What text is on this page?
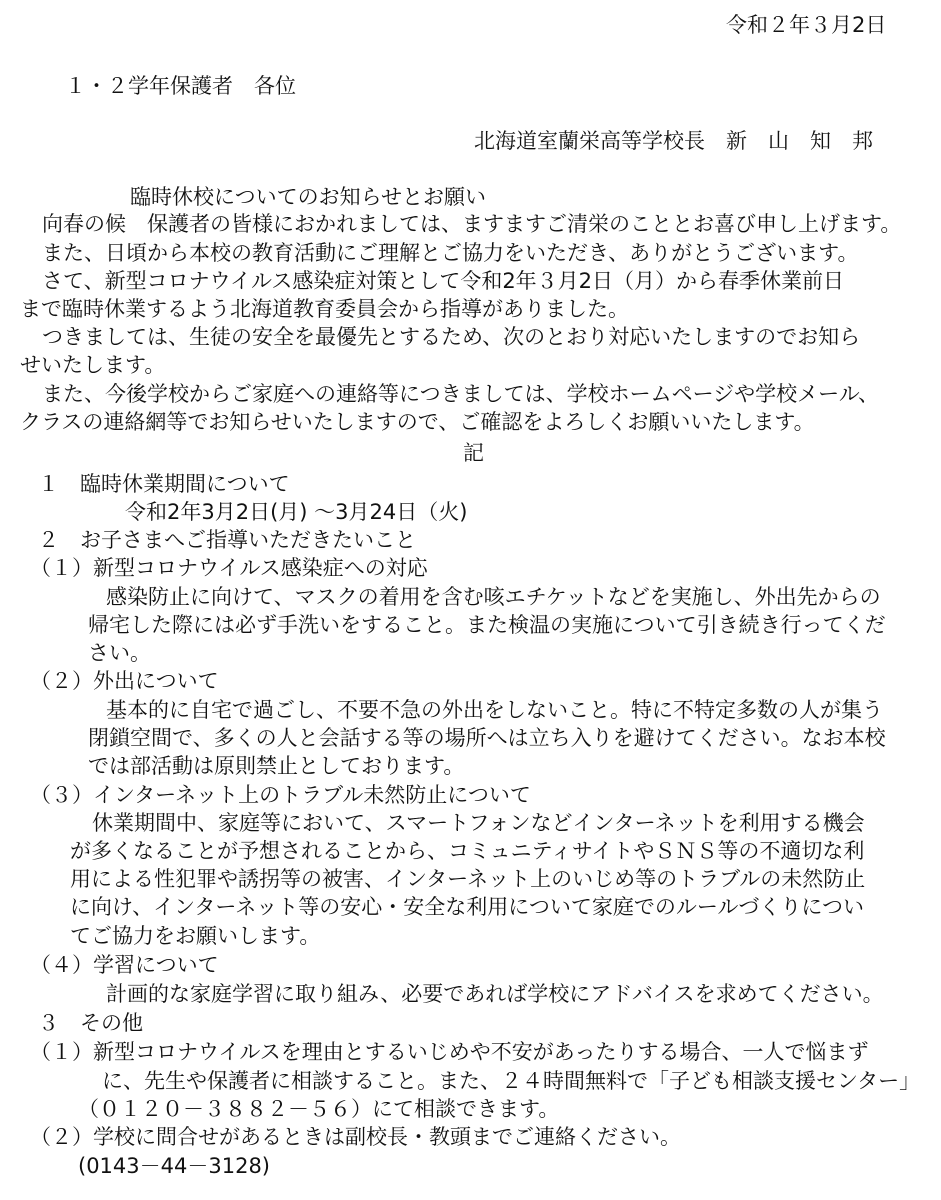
令和２年３月2日
１・２学年保護者　各位
北海道室蘭栄高等学校長　新　山　知　邦
臨時休校についてのお知らせとお願い
向春の候　保護者の皆様におかれましては、ますますご清栄のこととお喜び申し上げます。
また、日頃から本校の教育活動にご理解とご協力をいただき、ありがとうございます。
さて、新型コロナウイルス感染症対策として令和2年３月2日（月）から春季休業前日
まで臨時休業するよう北海道教育委員会から指導がありました。
つきましては、生徒の安全を最優先とするため、次のとおり対応いたしますのでお知ら
せいたします。
また、今後学校からご家庭への連絡等につきましては、学校ホームページや学校メール、
クラスの連絡網等でお知らせいたしますので、ご確認をよろしくお願いいたします。
記
１　臨時休業期間について
令和2年3月2日(月) ～3月24日（火)
２　お子さまへご指導いただきたいこと
（１）新型コロナウイルス感染症への対応
感染防止に向けて、マスクの着用を含む咳エチケットなどを実施し、外出先からの
帰宅した際には必ず手洗いをすること。また検温の実施について引き続き行ってくだ
さい。
（２）外出について
基本的に自宅で過ごし、不要不急の外出をしないこと。特に不特定多数の人が集う
閉鎖空間で、多くの人と会話する等の場所へは立ち入りを避けてください。なお本校
では部活動は原則禁止としております。
（３）インターネット上のトラブル未然防止について
休業期間中、家庭等において、スマートフォンなどインターネットを利用する機会
が多くなることが予想されることから、コミュニティサイトやＳＮＳ等の不適切な利
用による性犯罪や誘拐等の被害、インターネット上のいじめ等のトラブルの未然防止
に向け、インターネット等の安心・安全な利用について家庭でのルールづくりについ
てご協力をお願いします。
（４）学習について
計画的な家庭学習に取り組み、必要であれば学校にアドバイスを求めてください。
３　その他
（１）新型コロナウイルスを理由とするいじめや不安があったりする場合、一人で悩まず
に、先生や保護者に相談すること。また、２４時間無料で「子ども相談支援センター」
（０１２０－３８８２－５６）にて相談できます。
（２）学校に問合せがあるときは副校長・教頭までご連絡ください。
(0143－44－3128)
